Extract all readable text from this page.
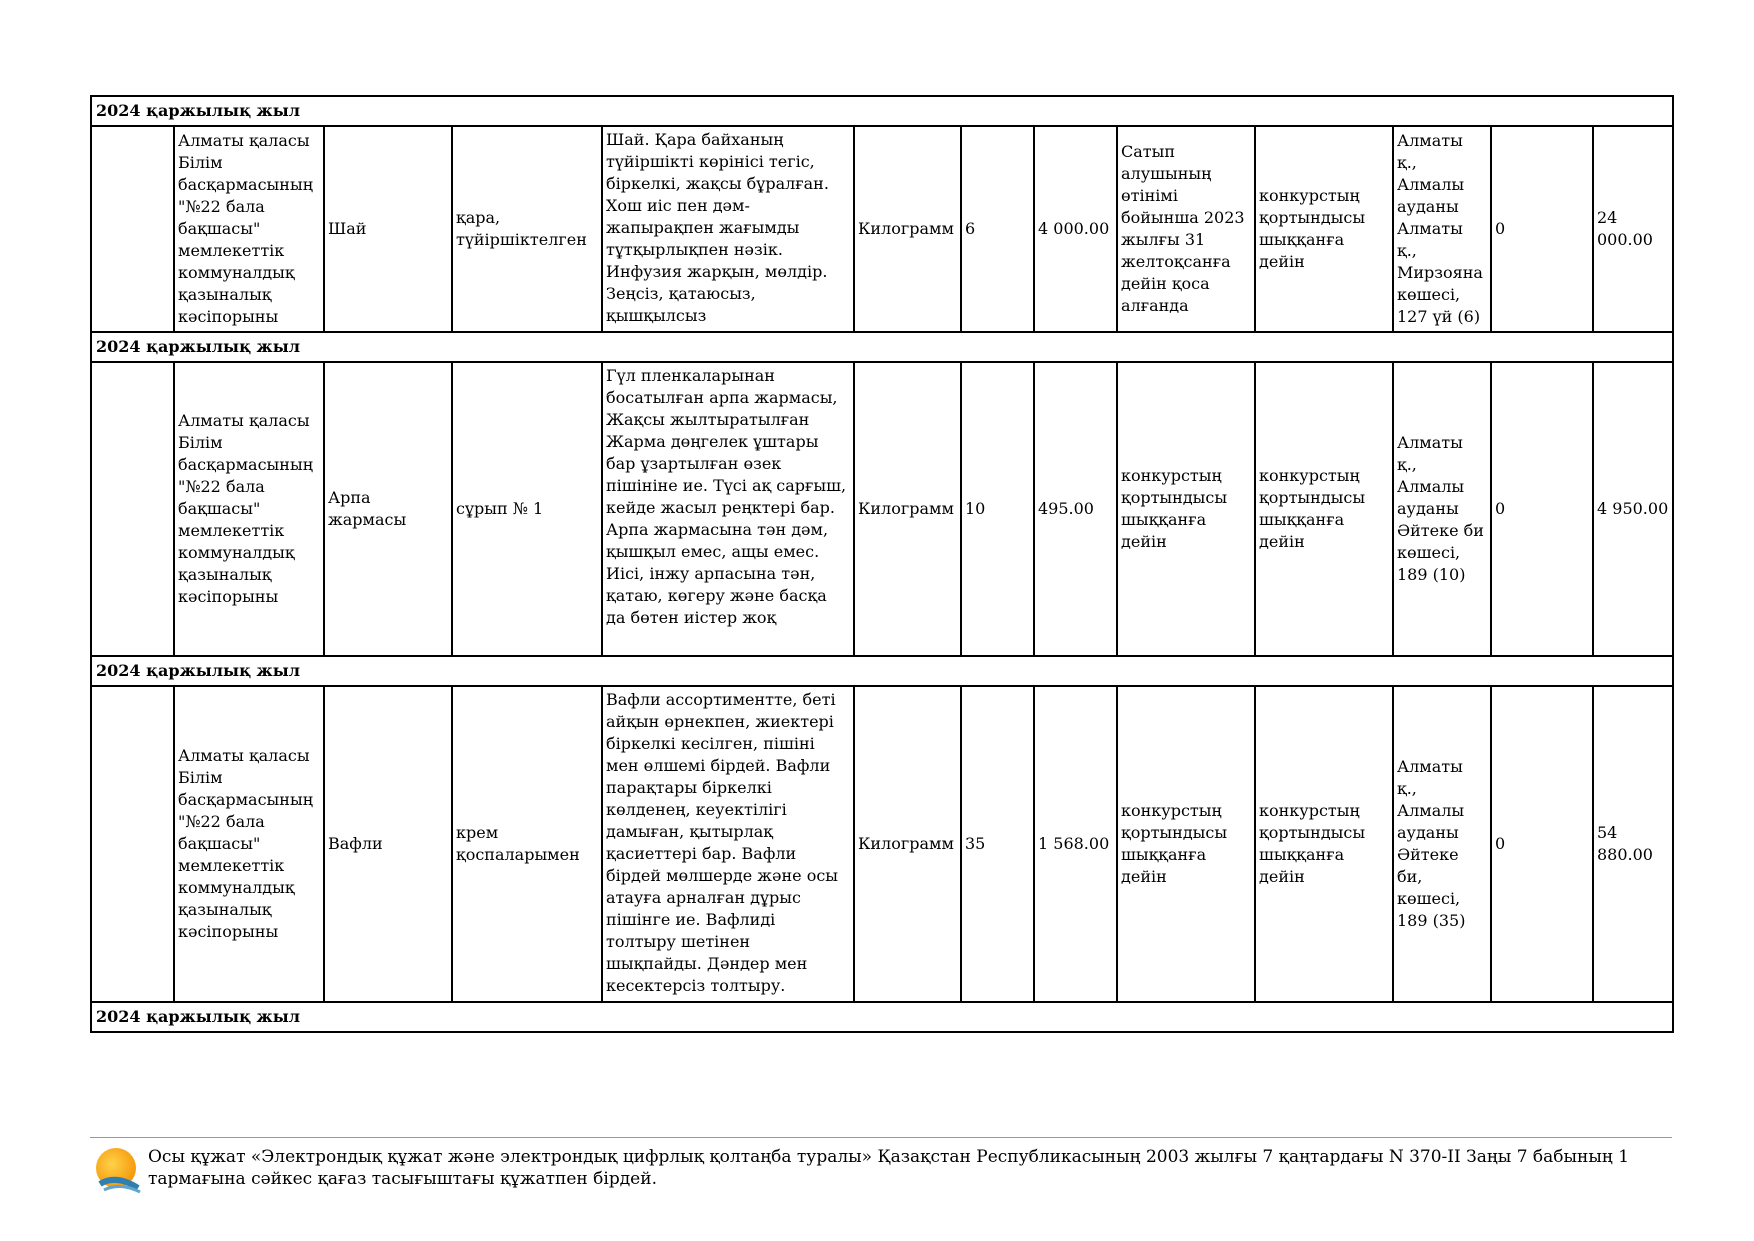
2024 қаржылық жыл												
	Алматы қаласы Білім басқармасының "№22 бала бақшасы" мемлекеттік коммуналдық қазыналық кәсіпорыны	Шай	қара, түйіршіктелген	Шай. Қара байханың түйіршікті көрінісі тегіс, біркелкі, жақсы бұралған. Хош иіс пен дәм-жапырақпен жағымды тұтқырлықпен нәзік. Инфузия жарқын, мөлдір. Зеңсіз, қатаюсыз, қышқылсыз	Килограмм	6	4 000.00	Сатып алушының өтінімі бойынша 2023 жылғы 31 желтоқсанға дейін қоса алғанда	конкурстың қортындысы шыққанға дейін	Алматы қ., Алмалы ауданы Алматы қ., Мирзояна көшесі, 127 үй (6)	0	24 000.00
2024 қаржылық жыл												
	Алматы қаласы Білім басқармасының "№22 бала бақшасы" мемлекеттік коммуналдық қазыналық кәсіпорыны	Арпа жармасы	сұрып № 1	Гүл пленкаларынан босатылған арпа жармасы, Жақсы жылтыратылған Жарма дөңгелек ұштары бар ұзартылған өзек пішініне ие. Түсі ақ сарғыш, кейде жасыл реңктері бар. Арпа жармасына тән дәм, қышқыл емес, ащы емес. Иісі, інжу арпасына тән, қатаю, көгеру және басқа да бөтен иістер жоқ	Килограмм	10	495.00	конкурстың қортындысы шыққанға дейін	конкурстың қортындысы шыққанға дейін	Алматы қ., Алмалы ауданы Әйтеке би көшесі, 189 (10)	0	4 950.00
2024 қаржылық жыл												
	Алматы қаласы Білім басқармасының "№22 бала бақшасы" мемлекеттік коммуналдық қазыналық кәсіпорыны	Вафли	крем қоспаларымен	Вафли ассортиментте, беті айқын өрнекпен, жиектері біркелкі кесілген, пішіні мен өлшемі бірдей. Вафли парақтары біркелкі көлденең, кеуектілігі дамыған, қытырлақ қасиеттері бар. Вафли бірдей мөлшерде және осы атауға арналған дұрыс пішінге ие. Вафлиді толтыру шетінен шықпайды. Дәндер мен кесектерсіз толтыру.	Килограмм	35	1 568.00	конкурстың қортындысы шыққанға дейін	конкурстың қортындысы шыққанға дейін	Алматы қ., Алмалы ауданы Әйтеке би, көшесі, 189 (35)	0	54 880.00
2024 қаржылық жыл												
Осы құжат «Электрондық құжат және электрондық цифрлық қолтаңба туралы» Қазақстан Республикасының 2003 жылғы 7 қаңтардағы N 370-II Заңы 7 бабының 1 тармағына сәйкес қағаз тасығыштағы құжатпен бірдей.
